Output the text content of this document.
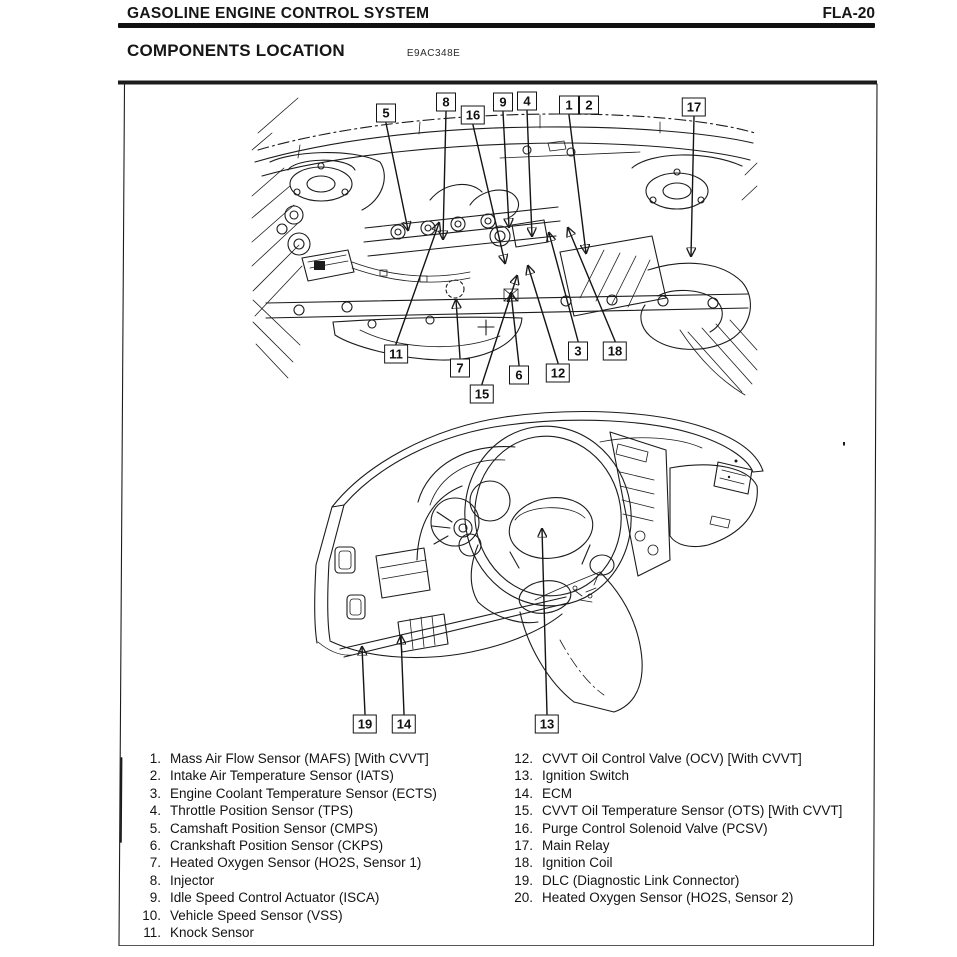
GASOLINE ENGINE CONTROL SYSTEM	FLA-20
COMPONENTS LOCATION	E9AC348E
5
8
16
9	4	1 2	17
11
7
15
6	12
3	18
19	14	13
1. Mass Air Flow Sensor (MAFS) [With CVVT]
2. Intake Air Temperature Sensor (IATS)
3. Engine Coolant Temperature Sensor (ECTS)
4. Throttle Position Sensor (TPS)
5. Camshaft Position Sensor (CMPS)
6. Crankshaft Position Sensor (CKPS)
7. Heated Oxygen Sensor (HO2S, Sensor 1)
8. Injector
9. Idle Speed Control Actuator (ISCA)
10. Vehicle Speed Sensor (VSS)
11. Knock Sensor
12. CVVT Oil Control Valve (OCV) [With CVVT]
13. Ignition Switch
14. ECM
15. CVVT Oil Temperature Sensor (OTS) [With CVVT]
16. Purge Control Solenoid Valve (PCSV)
17. Main Relay
18. Ignition Coil
19. DLC (Diagnostic Link Connector)
20. Heated Oxygen Sensor (HO2S, Sensor 2)
